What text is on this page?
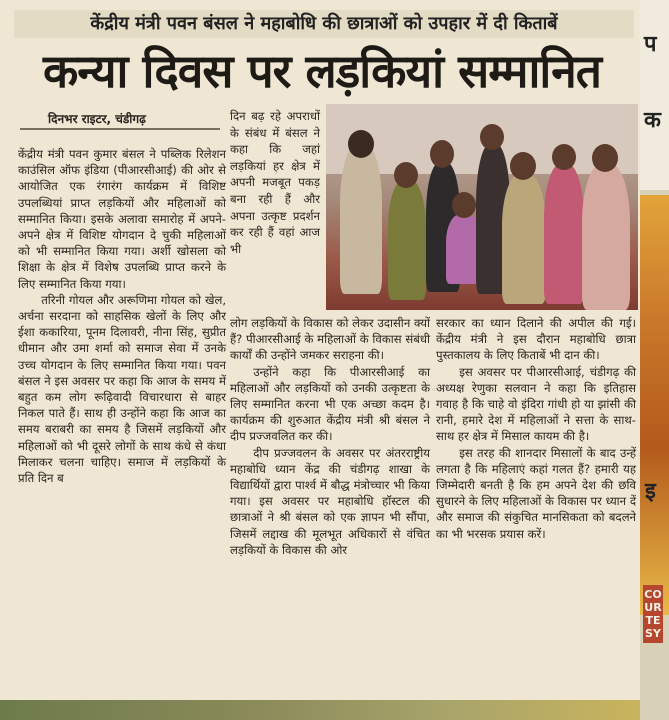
केंद्रीय मंत्री पवन बंसल ने महाबोधि की छात्राओं को उपहार में दी किताबें
कन्या दिवस पर लड़कियां सम्मानित
दिनभर राइटर, चंडीगढ़

केंद्रीय मंत्री पवन कुमार बंसल ने पब्लिक रिलेशन काउंसिल ऑफ इंडिया (पीआरसीआई) की ओर से आयोजित एक रंगारंग कार्यक्रम में विशिष्ट उपलब्धियां प्राप्त लड़कियों और महिलाओं को सम्मानित किया। इसके अलावा समारोह में अपने-अपने क्षेत्र में विशिष्ट योगदान दे चुकी महिलाओं को भी सम्मानित किया गया। अर्शी खोसला को शिक्षा के क्षेत्र में विशेष उपलब्धि प्राप्त करने के लिए सम्मानित किया गया।

तरिनी गोयल और अरूणिमा गोयल को खेल, अर्चना सरदाना को साहसिक खेलों के लिए और ईशा ककारिया, पूनम दिलावरी, नीना सिंह, सुप्रीत धीमान और उमा शर्मा को समाज सेवा में उनके उच्च योगदान के लिए सम्मानित किया गया। पवन बंसल ने इस अवसर पर कहा कि आज के समय में बहुत कम लोग रूढ़िवादी विचारधारा से बाहर निकल पाते हैं। साथ ही उन्होंने कहा कि आज का समय बराबरी का समय है जिसमें लड़कियों और महिलाओं को भी दूसरे लोगों के साथ कंधे से कंधा मिलाकर चलना चाहिए। समाज में लड़कियों के प्रति दिन ब

दिन बढ़ रहे अपराधों के संबंध में बंसल ने कहा कि जहां लड़कियां हर क्षेत्र में अपनी मजबूत पकड़ बना रही हैं और अपना उत्कृष्ट प्रदर्शन कर रही हैं वहां आज भी

लोग लड़कियों के विकास को लेकर उदासीन क्यों हैं? पीआरसीआई के महिलाओं के विकास संबंधी कार्यों की उन्होंने जमकर सराहना की।

उन्होंने कहा कि पीआरसीआई का महिलाओं और लड़कियों को उनकी उत्कृष्टता के लिए सम्मानित करना भी एक अच्छा कदम है। कार्यक्रम की शुरुआत केंद्रीय मंत्री श्री बंसल ने दीप प्रज्जवलित कर की।

दीप प्रज्जवलन के अवसर पर अंतरराष्ट्रीय महाबोधि ध्यान केंद्र की चंडीगढ़ शाखा के विद्यार्थियों द्वारा पार्श्व में बौद्ध मंत्रोच्चार भी किया गया। इस अवसर पर महाबोधि हॉस्टल की छात्राओं ने श्री बंसल को एक ज्ञापन भी सौंपा, जिसमें लद्दाख की मूलभूत अधिकारों से वंचित लड़कियों के विकास की ओर

सरकार का ध्यान दिलाने की अपील की गई। केंद्रीय मंत्री ने इस दौरान महाबोधि छात्रा पुस्तकालय के लिए किताबें भी दान की।

इस अवसर पर पीआरसीआई, चंडीगढ़ की अध्यक्ष रेणुका सलवान ने कहा कि इतिहास गवाह है कि चाहे वो इंदिरा गांधी हो या झांसी की रानी, हमारे देश में महिलाओं ने सत्ता के साथ-साथ हर क्षेत्र में मिसाल कायम की है।

इस तरह की शानदार मिसालों के बाद उन्हें लगता है कि महिलाएं कहां गलत हैं? हमारी यह जिम्मेदारी बनती है कि हम अपने देश की छवि सुधारने के लिए महिलाओं के विकास पर ध्यान दें और समाज की संकुचित मानसिकता को बदलने का भी भरसक प्रयास करें।

प
क
इ
COURTESY
